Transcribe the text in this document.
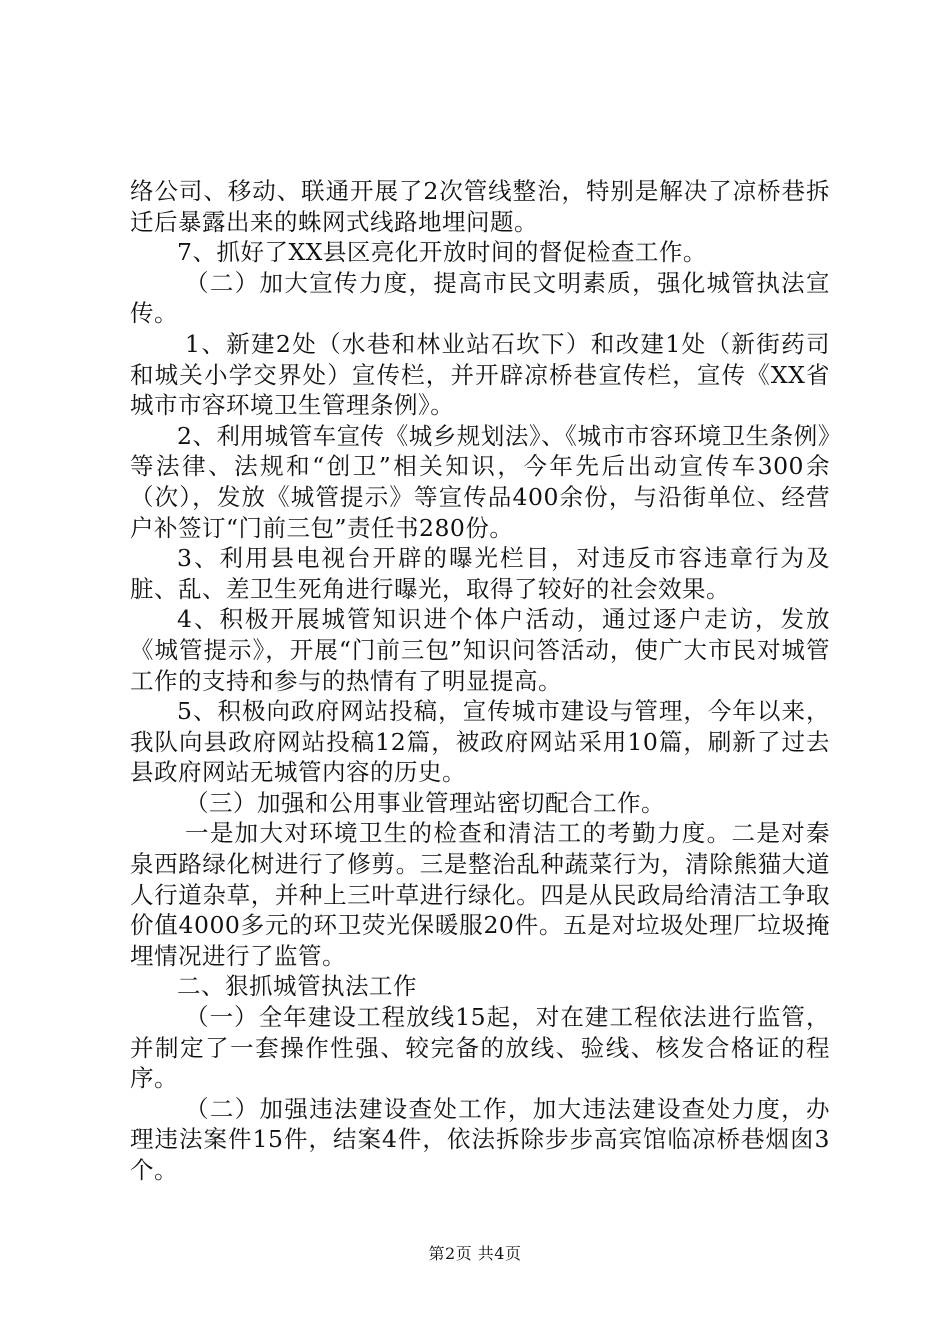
络公司、移动、联通开展了2次管线整治，特别是解决了凉桥巷拆迁后暴露出来的蛛网式线路地埋问题。

7、抓好了XX县区亮化开放时间的督促检查工作。

（二）加大宣传力度，提高市民文明素质，强化城管执法宣传。

1、新建2处（水巷和林业站石坎下）和改建1处（新街药司和城关小学交界处）宣传栏，并开辟凉桥巷宣传栏，宣传《XX省城市市容环境卫生管理条例》。

2、利用城管车宣传《城乡规划法》、《城市市容环境卫生条例》等法律、法规和“创卫”相关知识，今年先后出动宣传车300余（次），发放《城管提示》等宣传品400余份，与沿街单位、经营户补签订“门前三包”责任书280份。

3、利用县电视台开辟的曝光栏目，对违反市容违章行为及脏、乱、差卫生死角进行曝光，取得了较好的社会效果。

4、积极开展城管知识进个体户活动，通过逐户走访，发放《城管提示》，开展“门前三包”知识问答活动，使广大市民对城管工作的支持和参与的热情有了明显提高。

5、积极向政府网站投稿，宣传城市建设与管理，今年以来，我队向县政府网站投稿12篇，被政府网站采用10篇，刷新了过去县政府网站无城管内容的历史。

（三）加强和公用事业管理站密切配合工作。

一是加大对环境卫生的检查和清洁工的考勤力度。二是对秦泉西路绿化树进行了修剪。三是整治乱种蔬菜行为，清除熊猫大道人行道杂草，并种上三叶草进行绿化。四是从民政局给清洁工争取价值4000多元的环卫荧光保暖服20件。五是对垃圾处理厂垃圾掩埋情况进行了监管。

二、狠抓城管执法工作

（一）全年建设工程放线15起，对在建工程依法进行监管，并制定了一套操作性强、较完备的放线、验线、核发合格证的程序。

（二）加强违法建设查处工作，加大违法建设查处力度，办理违法案件15件，结案4件，依法拆除步步高宾馆临凉桥巷烟囱3个。

第2页 共4页
